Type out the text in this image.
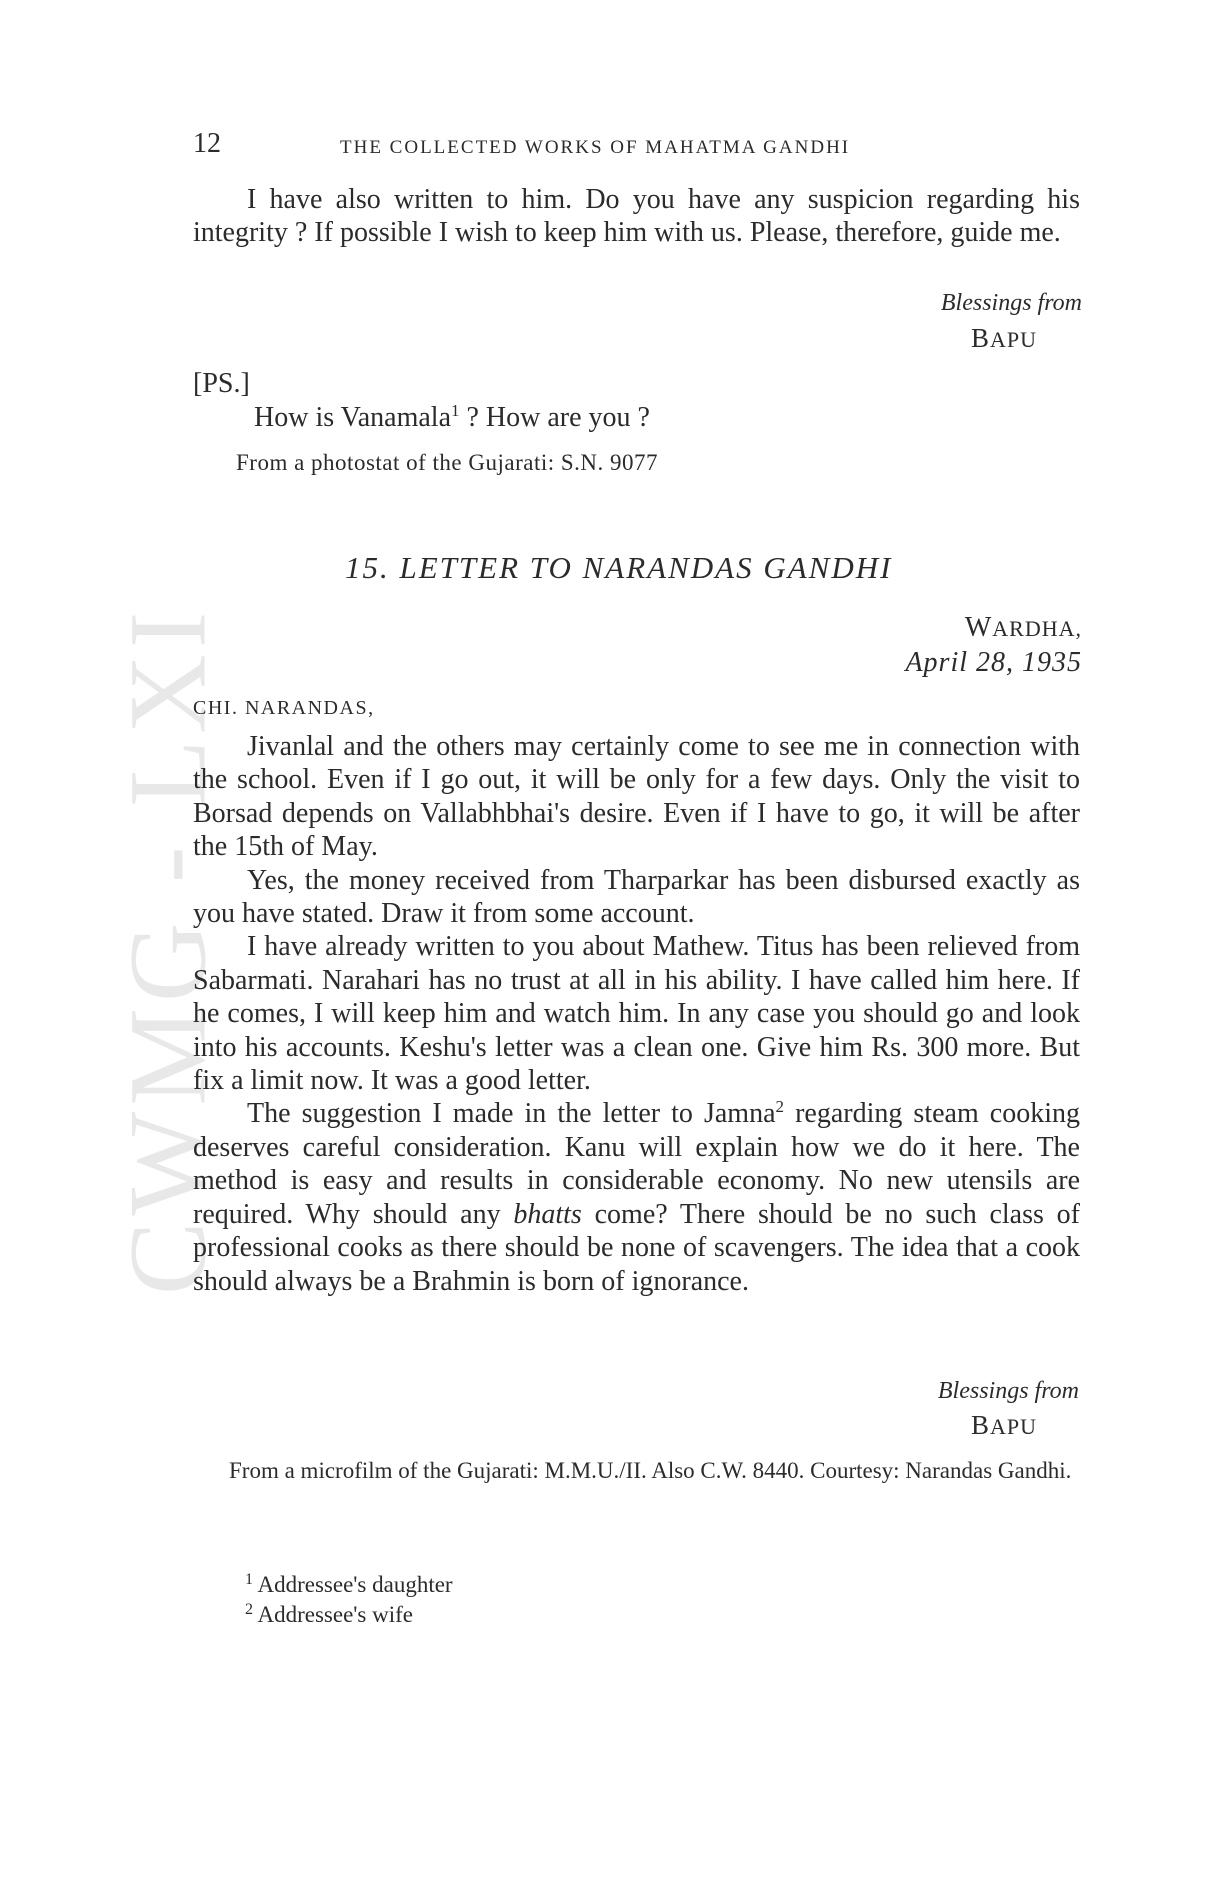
CWMG - LXI
12	THE COLLECTED WORKS OF MAHATMA GANDHI

I have also written to him. Do you have any suspicion regarding his integrity ? If possible I wish to keep him with us. Please, therefore, guide me.

Blessings from
BAPU
[PS.]
How is Vanamala$^1$ ? How are you ?
From a photostat of the Gujarati: S.N. 9077
15. LETTER TO NARANDAS GANDHI
WARDHA,
April 28, 1935
CHI. NARANDAS,

Jivanlal and the others may certainly come to see me in connection with the school. Even if I go out, it will be only for a few days. Only the visit to Borsad depends on Vallabhbhai's desire. Even if I have to go, it will be after the 15th of May.

Yes, the money received from Tharparkar has been disbursed exactly as you have stated. Draw it from some account.

I have already written to you about Mathew. Titus has been relieved from Sabarmati. Narahari has no trust at all in his ability. I have called him here. If he comes, I will keep him and watch him. In any case you should go and look into his accounts. Keshu's letter was a clean one. Give him Rs. 300 more. But fix a limit now. It was a good letter.

The suggestion I made in the letter to Jamna$^2$ regarding steam cooking deserves careful consideration. Kanu will explain how we do it here. The method is easy and results in considerable economy. No new utensils are required. Why should any bhatts come? There should be no such class of professional cooks as there should be none of scavengers. The idea that a cook should always be a Brahmin is born of ignorance.

Blessings from
BAPU
From a microfilm of the Gujarati: M.M.U./II. Also C.W. 8440. Courtesy: Narandas Gandhi.
$^1$ Addressee's daughter
$^2$ Addressee's wife
